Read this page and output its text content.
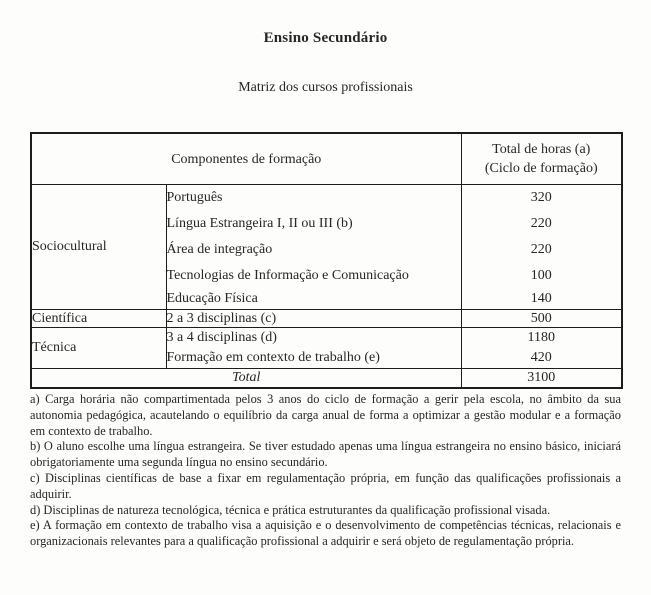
Ensino Secundário
Matriz dos cursos profissionais
Componentes de formação		Total de horas (a)
(Ciclo de formação)
Sociocultural	Português	320
	Língua Estrangeira I, II ou III (b)	220
	Área de integração	220
	Tecnologias de Informação e Comunicação	100
	Educação Física	140
Científica	2 a 3 disciplinas (c)	500
Técnica	3 a 4 disciplinas (d)	1180
	Formação em contexto de trabalho (e)	420
Total		3100

a) Carga horária não compartimentada pelos 3 anos do ciclo de formação a gerir pela escola, no âmbito da sua autonomia pedagógica, acautelando o equilíbrio da carga anual de forma a optimizar a gestão modular e a formação em contexto de trabalho.

b) O aluno escolhe uma língua estrangeira. Se tiver estudado apenas uma língua estrangeira no ensino básico, iniciará obrigatoriamente uma segunda língua no ensino secundário.

c) Disciplinas científicas de base a fixar em regulamentação própria, em função das qualificações profissionais a adquirir.

d) Disciplinas de natureza tecnológica, técnica e prática estruturantes da qualificação profissional visada.

e) A formação em contexto de trabalho visa a aquisição e o desenvolvimento de competências técnicas, relacionais e organizacionais relevantes para a qualificação profissional a adquirir e será objeto de regulamentação própria.
